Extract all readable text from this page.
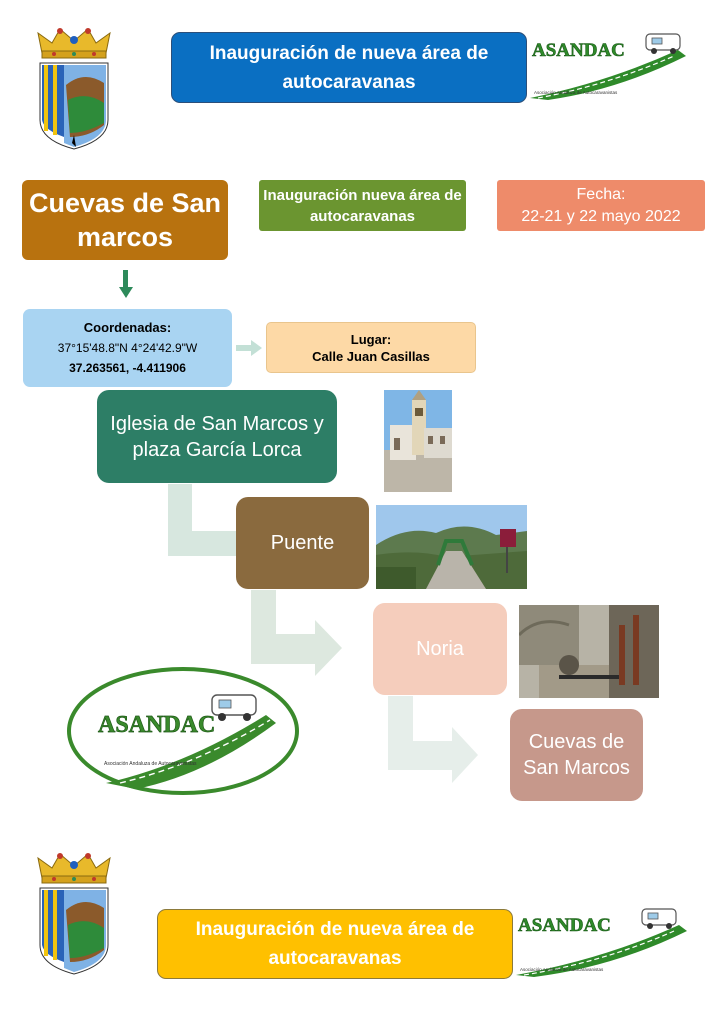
Inauguración de nueva área de autocaravanas
ASANDAC
Asociación Andaluza de Autocaravanistas
Cuevas de San marcos
Inauguración nueva área de autocaravanas
Fecha:
22-21 y 22 mayo 2022
Coordenadas:
37°15'48.8"N 4°24'42.9"W
37.263561, -4.411906
Lugar:
Calle Juan Casillas
Iglesia de San Marcos y plaza García Lorca
Puente
Noria
Cuevas de San Marcos
ASANDAC
Asociación Andaluza de Autocaravanistas
Inauguración de nueva área de autocaravanas
ASANDAC
Asociación Andaluza de Autocaravanistas
